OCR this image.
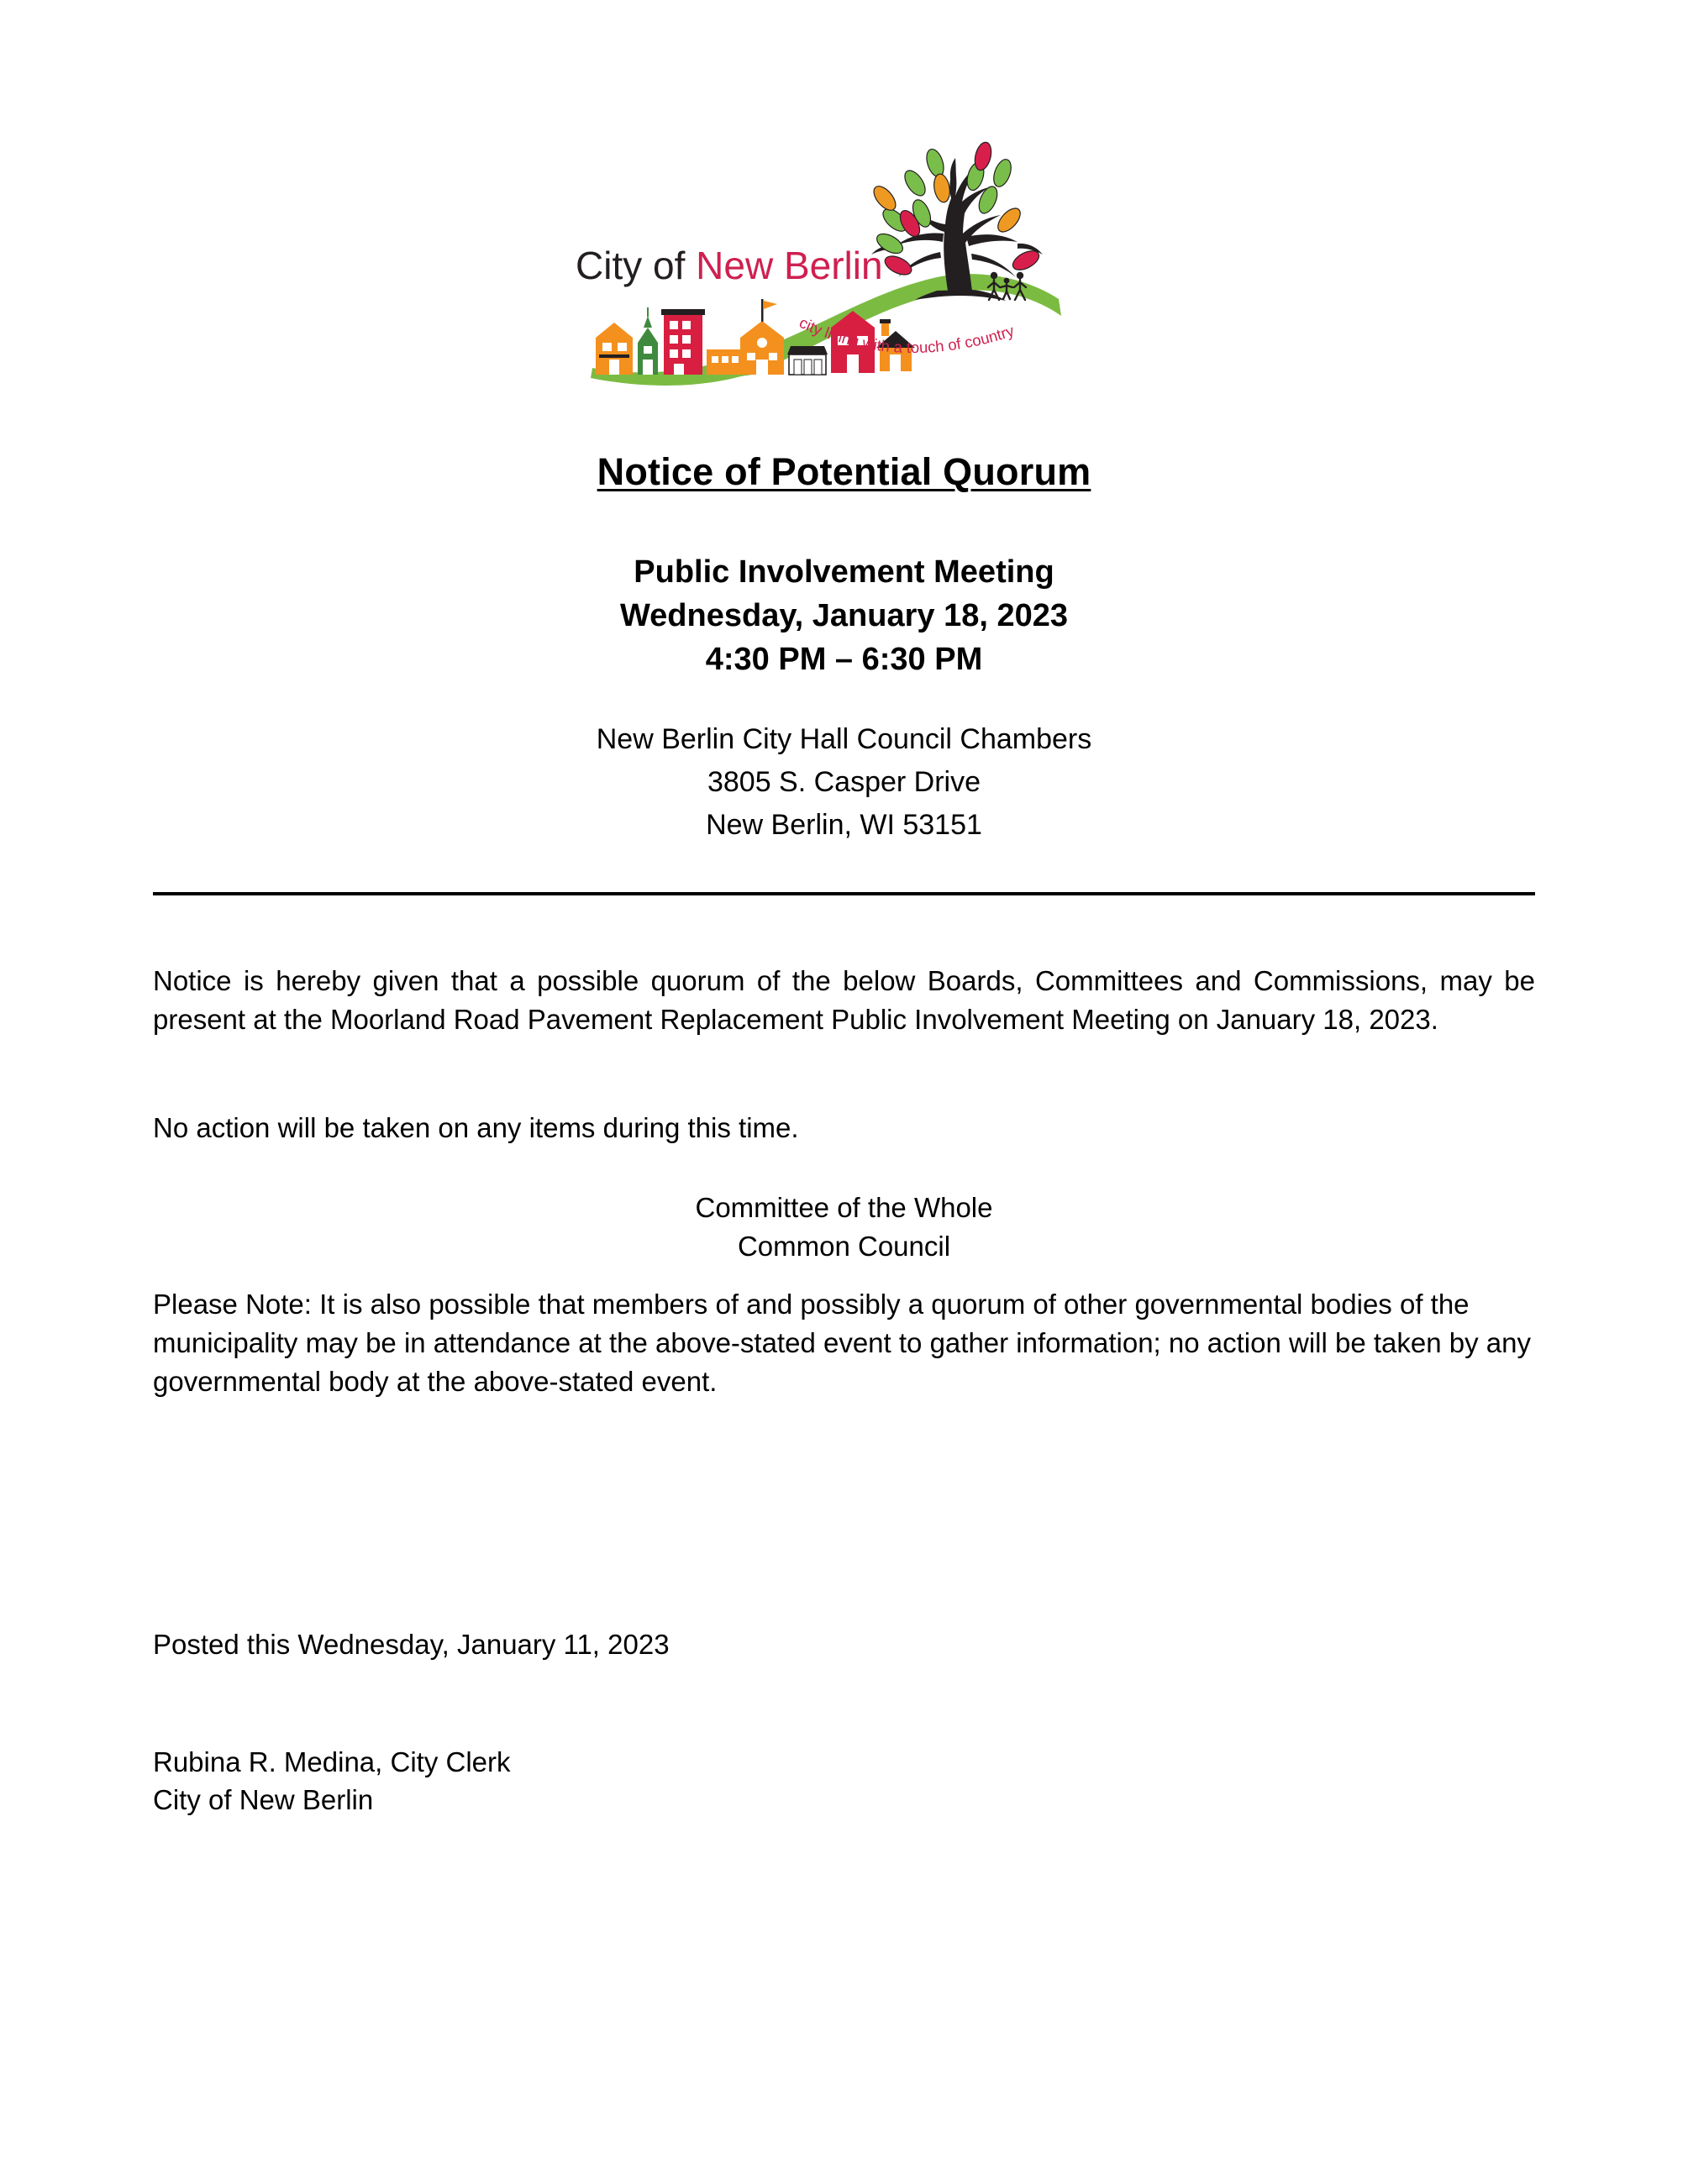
City of New Berlin
city living with a touch of country
Notice of Potential Quorum
Public Involvement Meeting
Wednesday, January 18, 2023
4:30 PM – 6:30 PM
New Berlin City Hall Council Chambers
3805 S. Casper Drive
New Berlin, WI 53151
Notice is hereby given that a possible quorum of the below Boards, Committees and Commissions, may be present at the Moorland Road Pavement Replacement Public Involvement Meeting on January 18, 2023.
No action will be taken on any items during this time.
Committee of the Whole
Common Council
Please Note: It is also possible that members of and possibly a quorum of other governmental bodies of the municipality may be in attendance at the above-stated event to gather information; no action will be taken by any governmental body at the above-stated event.
Posted this Wednesday, January 11, 2023
Rubina R. Medina, City Clerk
City of New Berlin
